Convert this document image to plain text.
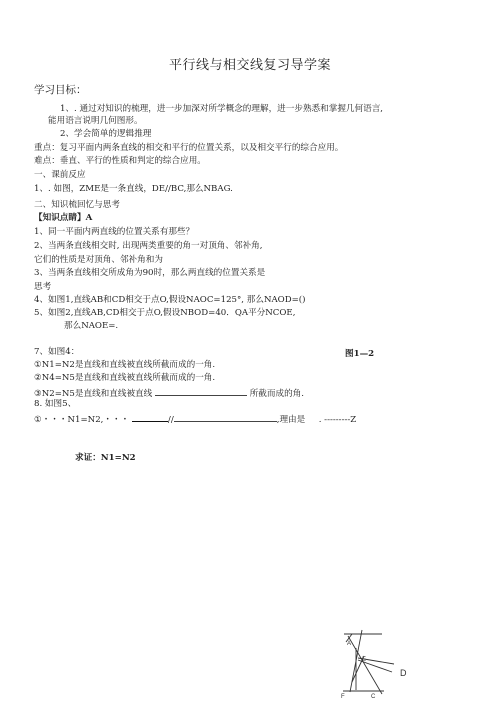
平行线与相交线复习导学案
学习目标：
1、. 通过对知识的梳理，进一步加深对所学概念的理解，进一步熟悉和掌握几何语言,
能用语言说明几何图形。
2、学会简单的逻辑推理
重点：复习平面内两条直线的相交和平行的位置关系，以及相交平行的综合应用。
难点：垂直、平行的性质和判定的综合应用。
一、课前反应
1、. 如图，ZME是一条直线，DE//BC,那么NBAG.
二、知识梳回忆与思考
【知识点睛】A
1、同一平面内两直线的位置关系有那些？
2、当两条直线相交时, 出现两类重要的角一对顶角、邻补角,
它们的性质是对顶角、邻补角和为
3、当两条直线相交所成角为90时，那么两直线的位置关系是
思考
4、如图1,直线AB和CD相交于点O,假设NAOC=125°, 那么NAOD=()
5、如图2,直线AB,CD相交于点O,假设NBOD=40．QA平分NCOE,
那么NAOE=.
7、如图4：	图1—2
①N1=N2是直线和直线被直线所截而成的一角.
②N4=N5是直线和直线被直线所截而成的一角.
③N2=N5是直线和直线被直线	所截而成的角.
8. 如图5、
①・・・N1=N2,・・・	//	,理由是 . ---------Z
求证：N1=N2
A
E
F	C
D
